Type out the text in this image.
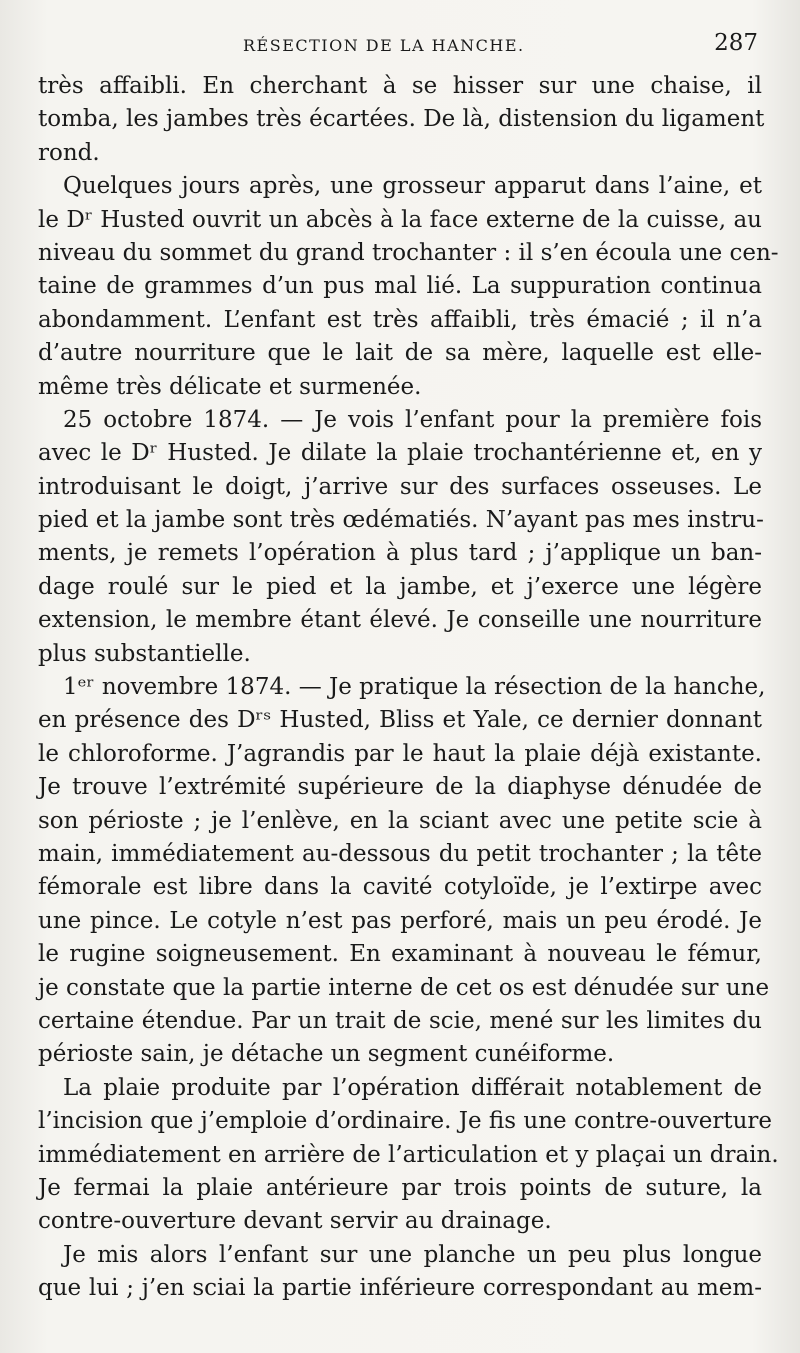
RÉSECTION DE LA HANCHE.	287
très affaibli. En cherchant à se hisser sur une chaise, il
tomba, les jambes très écartées. De là, distension du ligament
rond.
Quelques jours après, une grosseur apparut dans l’aine, et
le Dʳ Husted ouvrit un abcès à la face externe de la cuisse, au
niveau du sommet du grand trochanter : il s’en écoula une cen-
taine de grammes d’un pus mal lié. La suppuration continua
abondamment. L’enfant est très affaibli, très émacié ; il n’a
d’autre nourriture que le lait de sa mère, laquelle est elle-
même très délicate et surmenée.
25 octobre 1874. — Je vois l’enfant pour la première fois
avec le Dʳ Husted. Je dilate la plaie trochantérienne et, en y
introduisant le doigt, j’arrive sur des surfaces osseuses. Le
pied et la jambe sont très œdématiés. N’ayant pas mes instru-
ments, je remets l’opération à plus tard ; j’applique un ban-
dage roulé sur le pied et la jambe, et j’exerce une légère
extension, le membre étant élevé. Je conseille une nourriture
plus substantielle.
1ᵉʳ novembre 1874. — Je pratique la résection de la hanche,
en présence des Dʳˢ Husted, Bliss et Yale, ce dernier donnant
le chloroforme. J’agrandis par le haut la plaie déjà existante.
Je trouve l’extrémité supérieure de la diaphyse dénudée de
son périoste ; je l’enlève, en la sciant avec une petite scie à
main, immédiatement au-dessous du petit trochanter ; la tête
fémorale est libre dans la cavité cotyloïde, je l’extirpe avec
une pince. Le cotyle n’est pas perforé, mais un peu érodé. Je
le rugine soigneusement. En examinant à nouveau le fémur,
je constate que la partie interne de cet os est dénudée sur une
certaine étendue. Par un trait de scie, mené sur les limites du
périoste sain, je détache un segment cunéiforme.
La plaie produite par l’opération différait notablement de
l’incision que j’emploie d’ordinaire. Je fis une contre-ouverture
immédiatement en arrière de l’articulation et y plaçai un drain.
Je fermai la plaie antérieure par trois points de suture, la
contre-ouverture devant servir au drainage.
Je mis alors l’enfant sur une planche un peu plus longue
que lui ; j’en sciai la partie inférieure correspondant au mem-
